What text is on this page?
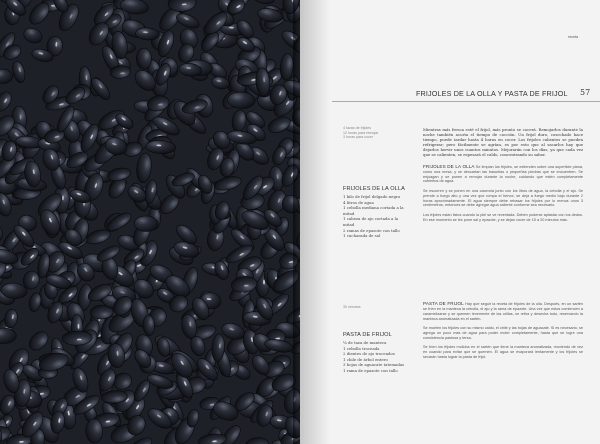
receta
FRIJOLES DE LA OLLA Y PASTA DE FRIJOL 57
4 tazas de frijoles
12 horas para remojar
3 horas para cocer
FRIJOLES DE LA OLLA
1 kilo de frijol delgado negro
4 litros de agua
1 cebolla mediana cortada a la mitad
1 cabeza de ajo cortada a la mitad
2 ramas de epazote con tallo
1 cucharada de sal
30 minutos
PASTA DE FRIJOL
¼ de taza de manteca
1 cebolla troceada
2 dientes de ajo troceados
1 chile de árbol entero
3 hojas de aguacate tatemadas
1 rama de epazote con tallo

Mientras más fresca esté el frijol, más pronto se cocerá. Remojarlos durante la noche también acorta el tiempo de cocción. Un frijol duro, cosechado hace tiempo, puede tardar hasta 4 horas en cocer. Los frijoles calientes se pueden refrigerar; pero fácilmente se agrían, es por esto que al sacarlos hay que dejarlos hervir unos cuantos minutos. Mejorarán con los días, ya que cada vez que se calienten, se espesará el caldo, concentrando su sabor.

FRIJOLES DE LA OLLA Se limpian los frijoles, se extienden sobre una superficie plana, como una mesa, y se descartan las basuritas o pequeñas piedras que se encuentren. Se enjuagan y se ponen a remojar durante la noche, cuidando que estén completamente cubiertos de agua.

Se escurren y se ponen en una cacerola junto con los litros de agua, la cebolla y el ajo. Se prende a fuego alto y una vez que rompa el hervor, se deja a fuego medio bajo durante 2 horas aproximadamente. El agua siempre debe rebasar los frijoles por lo menos unos 3 centímetros, entonces se debe agregar agua caliente conforme sea necesario.

Los frijoles están listos cuando la piel se ve reventada. Deben poderse aplastar con los dedos. En ese momento se les pone sal y epazote, y se dejan cocer de 15 a 20 minutos más.

PASTA DE FRIJOL Hay que seguir la receta de frijoles de la olla. Después, en un sartén se fríen en la manteca la cebolla, el ajo y la rama de epazote. Una vez que estos comiencen a caramelizarse y se quemen levemente de las orillas, se retira y desecha todo, reservando la manteca aromatizada en el sartén.

Se muelen los frijoles con su mismo caldo, el chile y las hojas de aguacate. Si es necesario, se agrega un poco más de agua para poder moler completamente, hasta que se logre una consistencia pastosa y tersa.

Se fríen los frijoles molidos en el sartén que tiene la manteca aromatizada, moviendo de vez en cuando para evitar que se quemen. El agua se evaporará lentamente y los frijoles se secarán hasta lograr la pasta de frijol.
